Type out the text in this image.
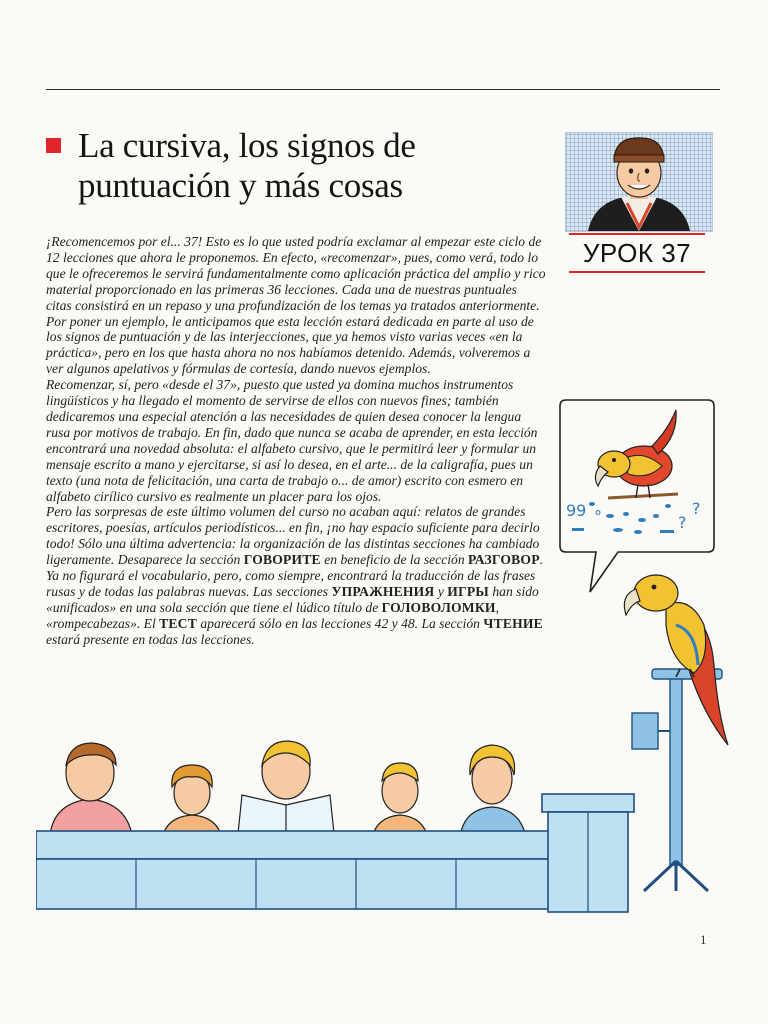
La cursiva, los signos de
puntuación y más cosas
УРОК 37

¡Recomencemos por el... 37! Esto es lo que usted podría exclamar al empezar este ciclo de 12 lecciones que ahora le proponemos. En efecto, «recomenzar», pues, como verá, todo lo que le ofreceremos le servirá fundamentalmente como aplicación práctica del amplio y rico material proporcionado en las primeras 36 lecciones. Cada una de nuestras puntuales citas consistirá en un repaso y una profundización de los temas ya tratados anteriormente. Por poner un ejemplo, le anticipamos que esta lección estará dedicada en parte al uso de los signos de puntuación y de las interjecciones, que ya hemos visto varias veces «en la práctica», pero en los que hasta ahora no nos habíamos detenido. Además, volveremos a ver algunos apelativos y fórmulas de cortesía, dando nuevos ejemplos.

Recomenzar, sí, pero «desde el 37», puesto que usted ya domina muchos instrumentos lingüísticos y ha llegado el momento de servirse de ellos con nuevos fines; también dedicaremos una especial atención a las necesidades de quien desea conocer la lengua rusa por motivos de trabajo. En fin, dado que nunca se acaba de aprender, en esta lección encontrará una novedad absoluta: el alfabeto cursivo, que le permitirá leer y formular un mensaje escrito a mano y ejercitarse, si así lo desea, en el arte... de la caligrafía, pues un texto (una nota de felicitación, una carta de trabajo o... de amor) escrito con esmero en alfabeto cirílico cursivo es realmente un placer para los ojos.

Pero las sorpresas de este último volumen del curso no acaban aquí: relatos de grandes escritores, poesías, artículos periodísticos... en fin, ¡no hay espacio suficiente para decirlo todo! Sólo una última advertencia: la organización de las distintas secciones ha cambiado ligeramente. Desaparece la sección ГОВОРИТЕ en beneficio de la sección РАЗГОВОР. Ya no figurará el vocabulario, pero, como siempre, encontrará la traducción de las frases rusas y de todas las palabras nuevas. Las secciones УПРАЖНЕНИЯ y ИГРЫ han sido «unificados» en una sola sección que tiene el lúdico título de ГОЛОВОЛОМКИ, «rompecabezas». El ТЕСТ aparecerá sólo en las lecciones 42 y 48. La sección ЧТЕНИЕ estará presente en todas las lecciones.

99 °	?
?
1
